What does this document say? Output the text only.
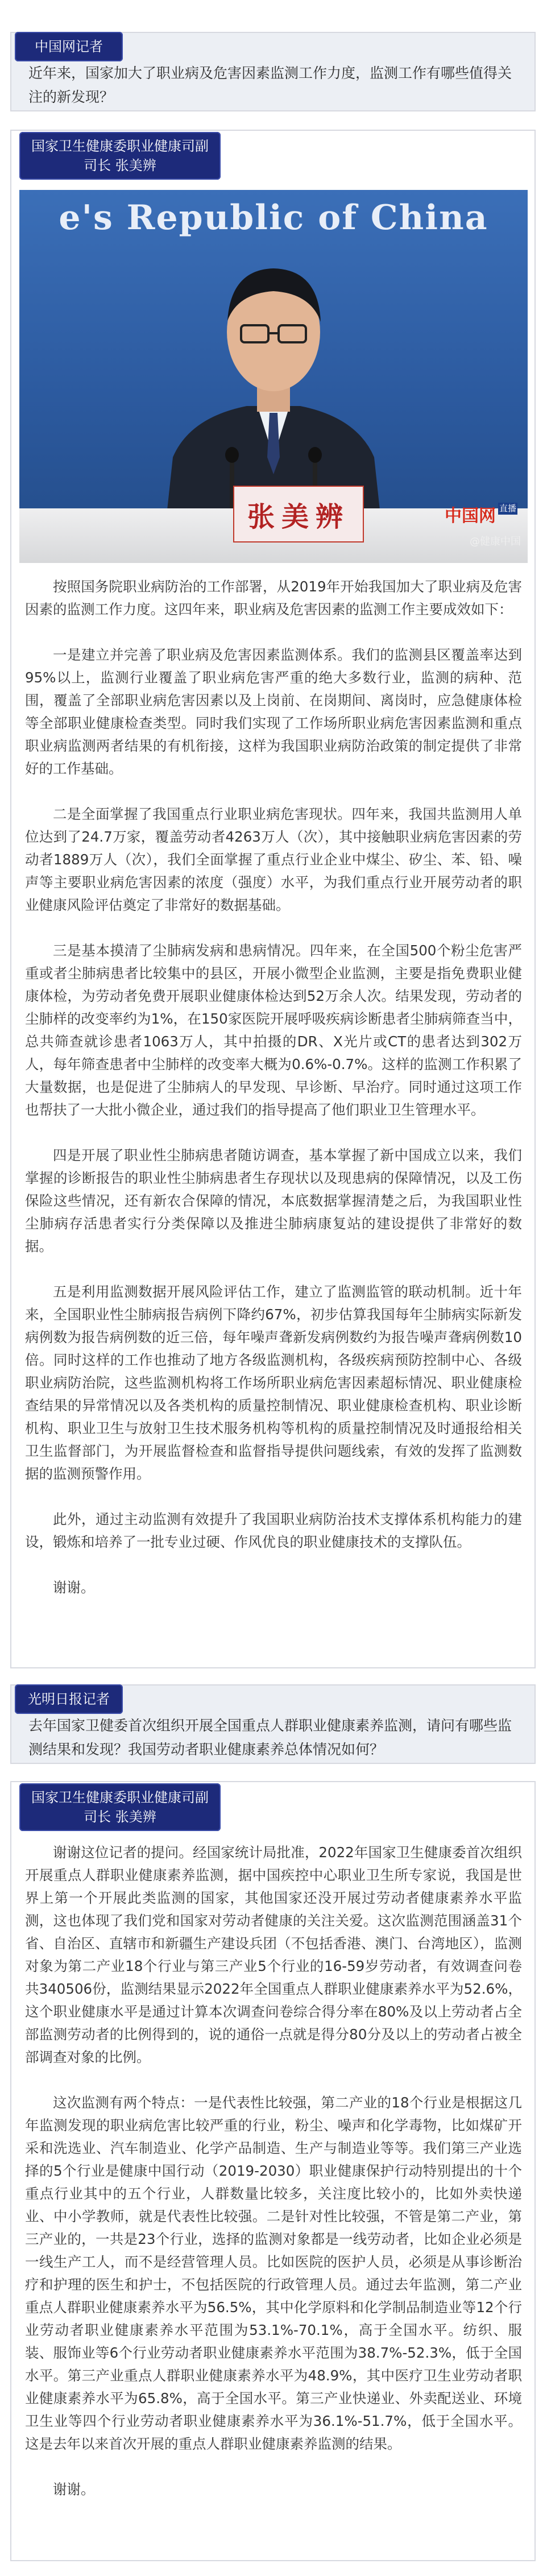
中国网记者
近年来，国家加大了职业病及危害因素监测工作力度，监测工作有哪些值得关注的新发现？
国家卫生健康委职业健康司副司长 张美辨
e's Republic of China
张美辨	中国网 直播
@健康中国

按照国务院职业病防治的工作部署，从2019年开始我国加大了职业病及危害因素的监测工作力度。这四年来，职业病及危害因素的监测工作主要成效如下：

一是建立并完善了职业病及危害因素监测体系。我们的监测县区覆盖率达到95%以上，监测行业覆盖了职业病危害严重的绝大多数行业，监测的病种、范围，覆盖了全部职业病危害因素以及上岗前、在岗期间、离岗时，应急健康体检等全部职业健康检查类型。同时我们实现了工作场所职业病危害因素监测和重点职业病监测两者结果的有机衔接，这样为我国职业病防治政策的制定提供了非常好的工作基础。

二是全面掌握了我国重点行业职业病危害现状。四年来，我国共监测用人单位达到了24.7万家，覆盖劳动者4263万人（次），其中接触职业病危害因素的劳动者1889万人（次），我们全面掌握了重点行业企业中煤尘、矽尘、苯、铅、噪声等主要职业病危害因素的浓度（强度）水平，为我们重点行业开展劳动者的职业健康风险评估奠定了非常好的数据基础。

三是基本摸清了尘肺病发病和患病情况。四年来，在全国500个粉尘危害严重或者尘肺病患者比较集中的县区，开展小微型企业监测，主要是指免费职业健康体检，为劳动者免费开展职业健康体检达到52万余人次。结果发现，劳动者的尘肺样的改变率约为1%，在150家医院开展呼吸疾病诊断患者尘肺病筛查当中，总共筛查就诊患者1063万人，其中拍摄的DR、X光片或CT的患者达到302万人，每年筛查患者中尘肺样的改变率大概为0.6%-0.7%。这样的监测工作积累了大量数据，也是促进了尘肺病人的早发现、早诊断、早治疗。同时通过这项工作也帮扶了一大批小微企业，通过我们的指导提高了他们职业卫生管理水平。

四是开展了职业性尘肺病患者随访调查，基本掌握了新中国成立以来，我们掌握的诊断报告的职业性尘肺病患者生存现状以及现患病的保障情况，以及工伤保险这些情况，还有新农合保障的情况，本底数据掌握清楚之后，为我国职业性尘肺病存活患者实行分类保障以及推进尘肺病康复站的建设提供了非常好的数据。

五是利用监测数据开展风险评估工作，建立了监测监管的联动机制。近十年来，全国职业性尘肺病报告病例下降约67%，初步估算我国每年尘肺病实际新发病例数为报告病例数的近三倍，每年噪声聋新发病例数约为报告噪声聋病例数10倍。同时这样的工作也推动了地方各级监测机构，各级疾病预防控制中心、各级职业病防治院，这些监测机构将工作场所职业病危害因素超标情况、职业健康检查结果的异常情况以及各类机构的质量控制情况、职业健康检查机构、职业诊断机构、职业卫生与放射卫生技术服务机构等机构的质量控制情况及时通报给相关卫生监督部门，为开展监督检查和监督指导提供问题线索，有效的发挥了监测数据的监测预警作用。

此外，通过主动监测有效提升了我国职业病防治技术支撑体系机构能力的建设，锻炼和培养了一批专业过硬、作风优良的职业健康技术的支撑队伍。

谢谢。

光明日报记者
去年国家卫健委首次组织开展全国重点人群职业健康素养监测，请问有哪些监测结果和发现？我国劳动者职业健康素养总体情况如何？
国家卫生健康委职业健康司副司长 张美辨

谢谢这位记者的提问。经国家统计局批准，2022年国家卫生健康委首次组织开展重点人群职业健康素养监测，据中国疾控中心职业卫生所专家说，我国是世界上第一个开展此类监测的国家，其他国家还没开展过劳动者健康素养水平监测，这也体现了我们党和国家对劳动者健康的关注关爱。这次监测范围涵盖31个省、自治区、直辖市和新疆生产建设兵团（不包括香港、澳门、台湾地区），监测对象为第二产业18个行业与第三产业5个行业的16-59岁劳动者，有效调查问卷共340506份，监测结果显示2022年全国重点人群职业健康素养水平为52.6%，这个职业健康水平是通过计算本次调查问卷综合得分率在80%及以上劳动者占全部监测劳动者的比例得到的，说的通俗一点就是得分80分及以上的劳动者占被全部调查对象的比例。

这次监测有两个特点：一是代表性比较强，第二产业的18个行业是根据这几年监测发现的职业病危害比较严重的行业，粉尘、噪声和化学毒物，比如煤矿开采和洗选业、汽车制造业、化学产品制造、生产与制造业等等。我们第三产业选择的5个行业是健康中国行动（2019-2030）职业健康保护行动特别提出的十个重点行业其中的五个行业，人群数量比较多，关注度比较小的，比如外卖快递业、中小学教师，就是代表性比较强。二是针对性比较强，不管是第二产业，第三产业的，一共是23个行业，选择的监测对象都是一线劳动者，比如企业必须是一线生产工人，而不是经营管理人员。比如医院的医护人员，必须是从事诊断治疗和护理的医生和护士，不包括医院的行政管理人员。通过去年监测，第二产业重点人群职业健康素养水平为56.5%，其中化学原料和化学制品制造业等12个行业劳动者职业健康素养水平范围为53.1%-70.1%，高于全国水平。纺织、服装、服饰业等6个行业劳动者职业健康素养水平范围为38.7%-52.3%，低于全国水平。第三产业重点人群职业健康素养水平为48.9%，其中医疗卫生业劳动者职业健康素养水平为65.8%，高于全国水平。第三产业快递业、外卖配送业、环境卫生业等四个行业劳动者职业健康素养水平为36.1%-51.7%，低于全国水平。这是去年以来首次开展的重点人群职业健康素养监测的结果。

谢谢。
